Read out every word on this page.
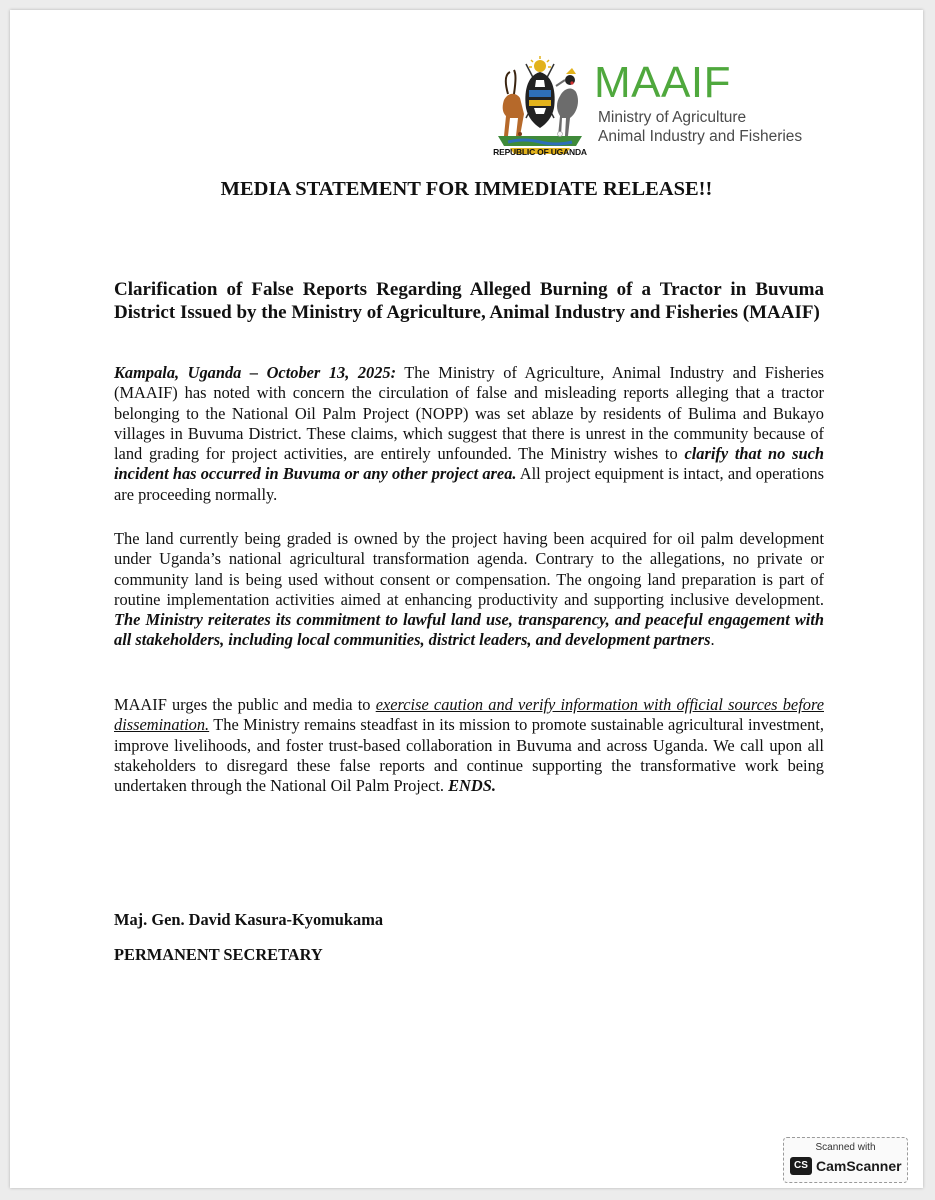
REPUBLIC OF UGANDA
MAAIF
Ministry of Agriculture
Animal Industry and Fisheries
MEDIA STATEMENT FOR IMMEDIATE RELEASE!!
Clarification of False Reports Regarding Alleged Burning of a Tractor in Buvuma District Issued by the Ministry of Agriculture, Animal Industry and Fisheries (MAAIF)
Kampala, Uganda – October 13, 2025: The Ministry of Agriculture, Animal Industry and Fisheries (MAAIF) has noted with concern the circulation of false and misleading reports alleging that a tractor belonging to the National Oil Palm Project (NOPP) was set ablaze by residents of Bulima and Bukayo villages in Buvuma District. These claims, which suggest that there is unrest in the community because of land grading for project activities, are entirely unfounded. The Ministry wishes to clarify that no such incident has occurred in Buvuma or any other project area. All project equipment is intact, and operations are proceeding normally.
The land currently being graded is owned by the project having been acquired for oil palm development under Uganda’s national agricultural transformation agenda. Contrary to the allegations, no private or community land is being used without consent or compensation. The ongoing land preparation is part of routine implementation activities aimed at enhancing productivity and supporting inclusive development. The Ministry reiterates its commitment to lawful land use, transparency, and peaceful engagement with all stakeholders, including local communities, district leaders, and development partners.
MAAIF urges the public and media to exercise caution and verify information with official sources before dissemination. The Ministry remains steadfast in its mission to promote sustainable agricultural investment, improve livelihoods, and foster trust-based collaboration in Buvuma and across Uganda. We call upon all stakeholders to disregard these false reports and continue supporting the transformative work being undertaken through the National Oil Palm Project. ENDS.
Maj. Gen. David Kasura-Kyomukama
PERMANENT SECRETARY
Scanned with
CS CamScanner
